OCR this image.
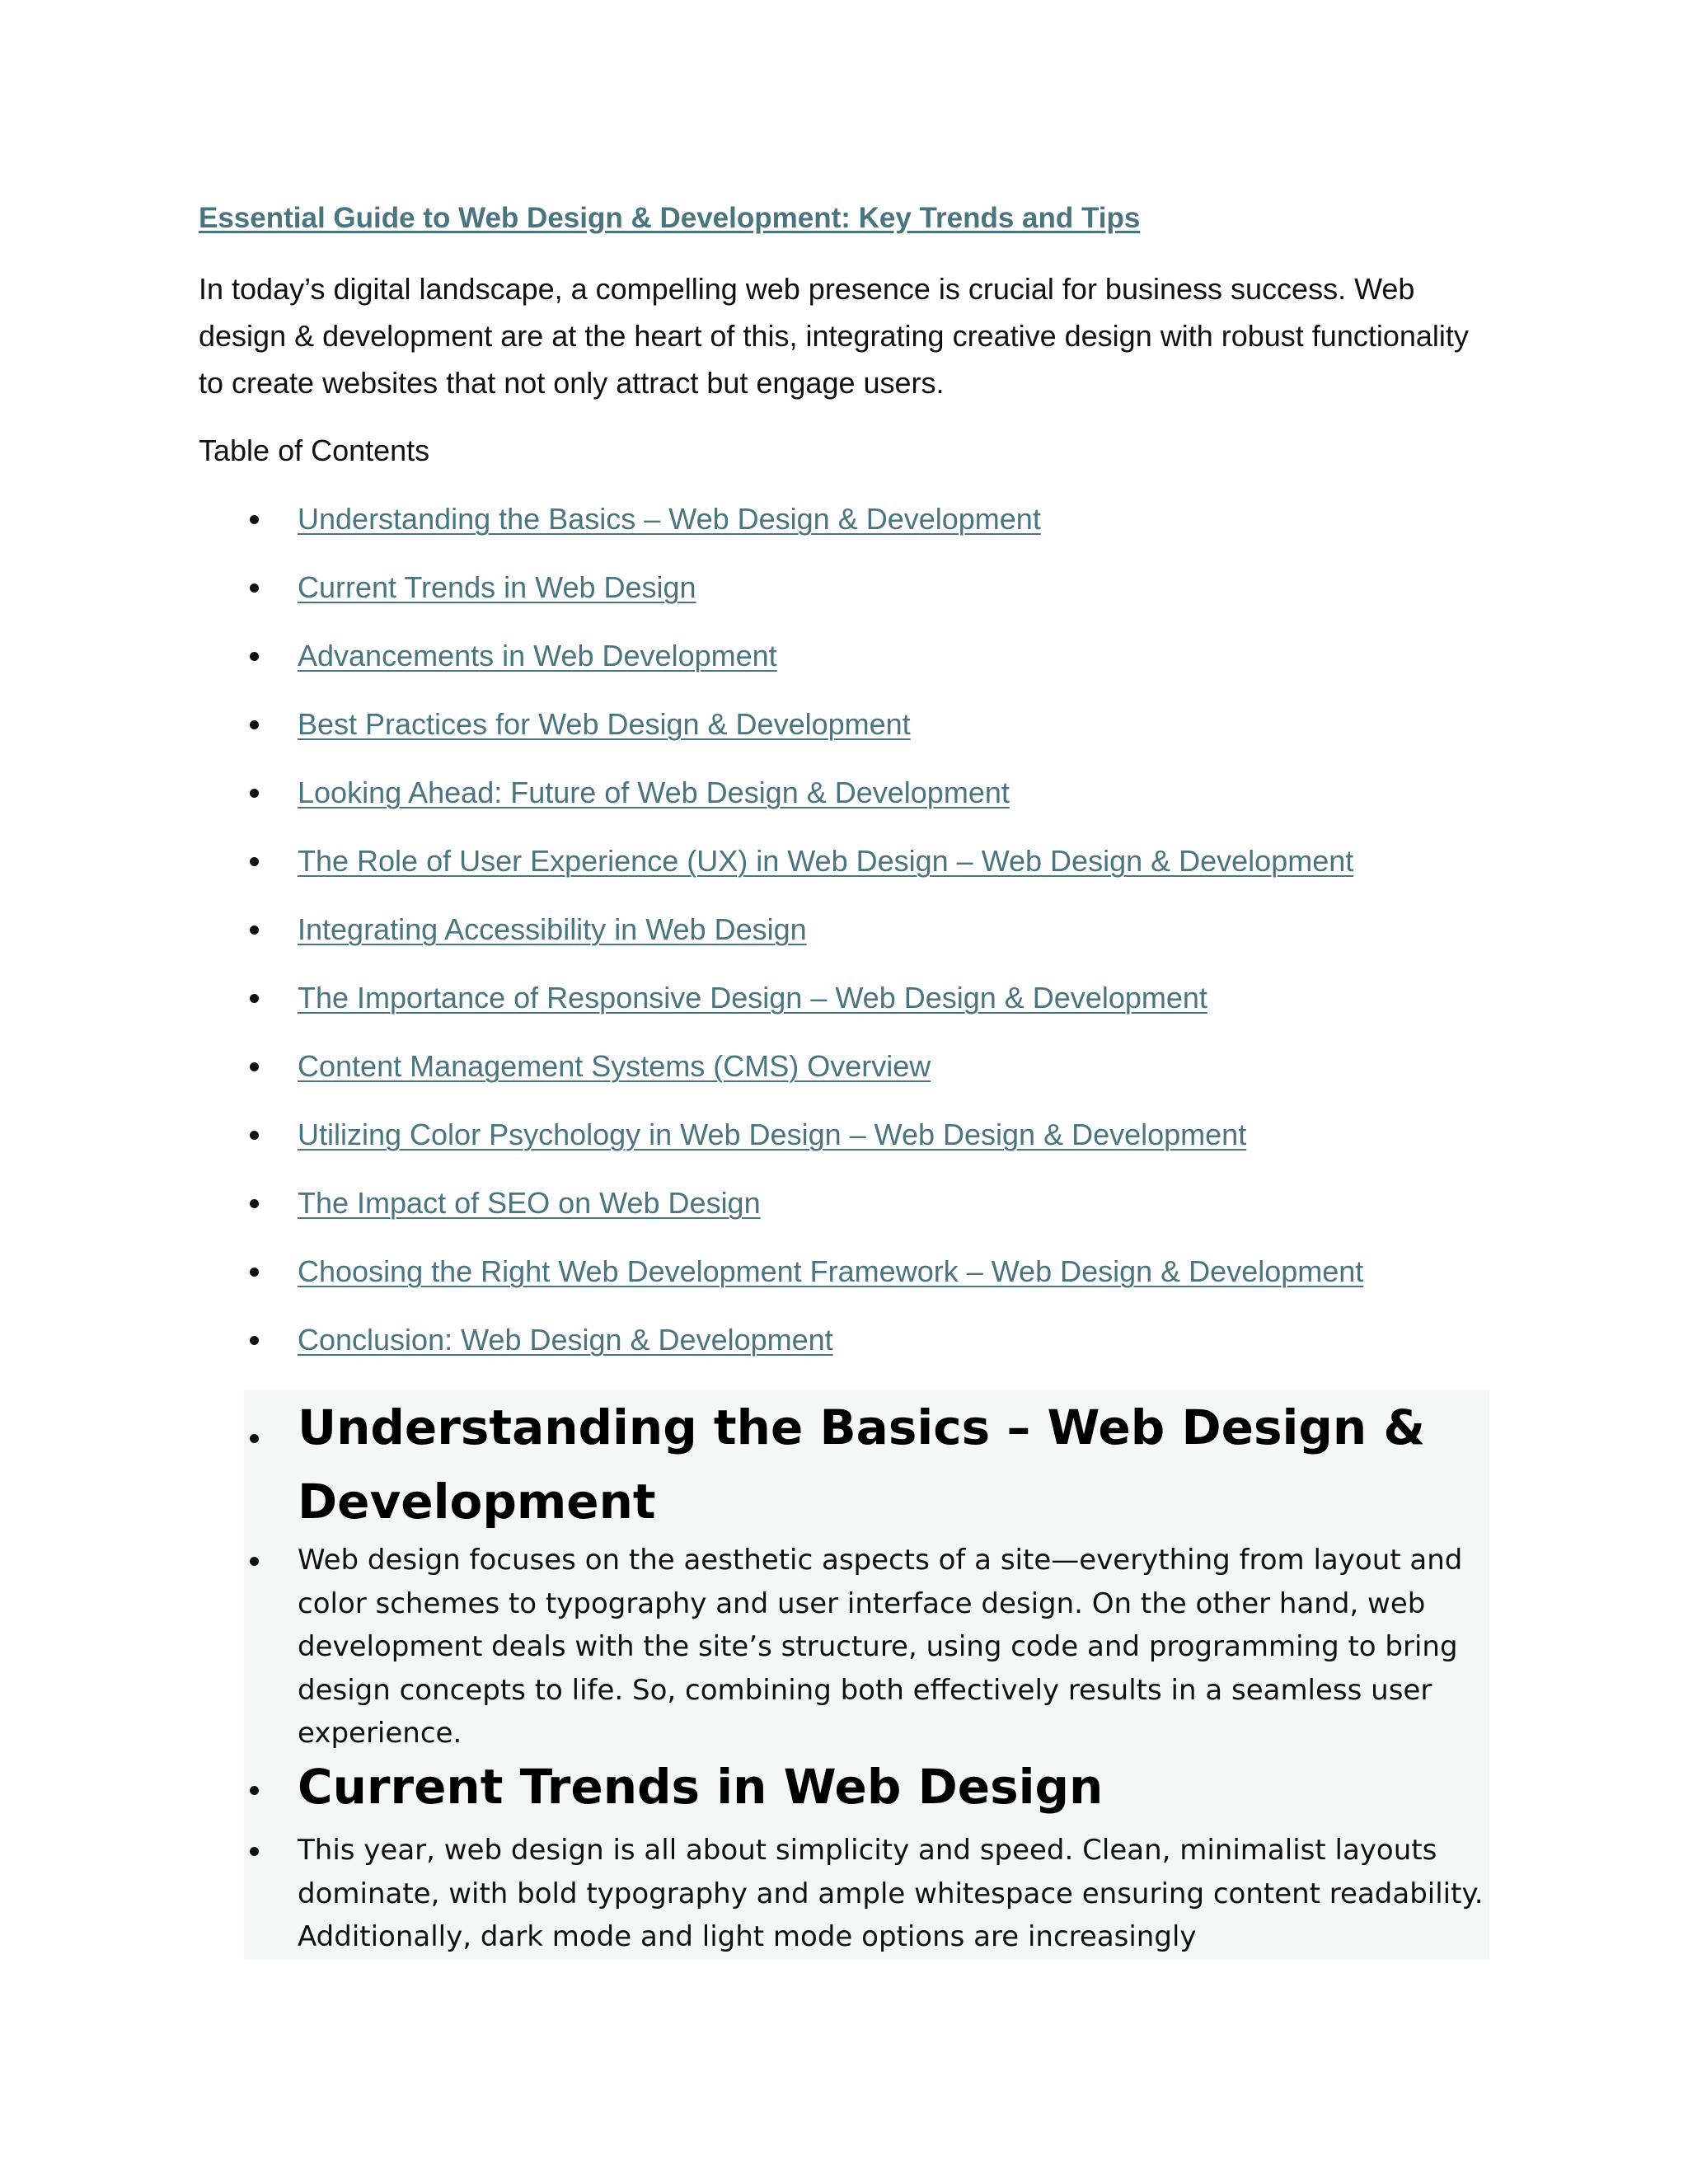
Essential Guide to Web Design & Development: Key Trends and Tips

In today’s digital landscape, a compelling web presence is crucial for business success. Web design & development are at the heart of this, integrating creative design with robust functionality to create websites that not only attract but engage users.

Table of Contents

Understanding the Basics – Web Design & Development
Current Trends in Web Design
Advancements in Web Development
Best Practices for Web Design & Development
Looking Ahead: Future of Web Design & Development
The Role of User Experience (UX) in Web Design – Web Design & Development
Integrating Accessibility in Web Design
The Importance of Responsive Design – Web Design & Development
Content Management Systems (CMS) Overview
Utilizing Color Psychology in Web Design – Web Design & Development
The Impact of SEO on Web Design
Choosing the Right Web Development Framework – Web Design & Development
Conclusion: Web Design & Development
Understanding the Basics – Web Design & Development

Web design focuses on the aesthetic aspects of a site—everything from layout and color schemes to typography and user interface design. On the other hand, web development deals with the site’s structure, using code and programming to bring design concepts to life. So, combining both effectively results in a seamless user experience.

Current Trends in Web Design

This year, web design is all about simplicity and speed. Clean, minimalist layouts dominate, with bold typography and ample whitespace ensuring content readability. Additionally, dark mode and light mode options are increasingly
